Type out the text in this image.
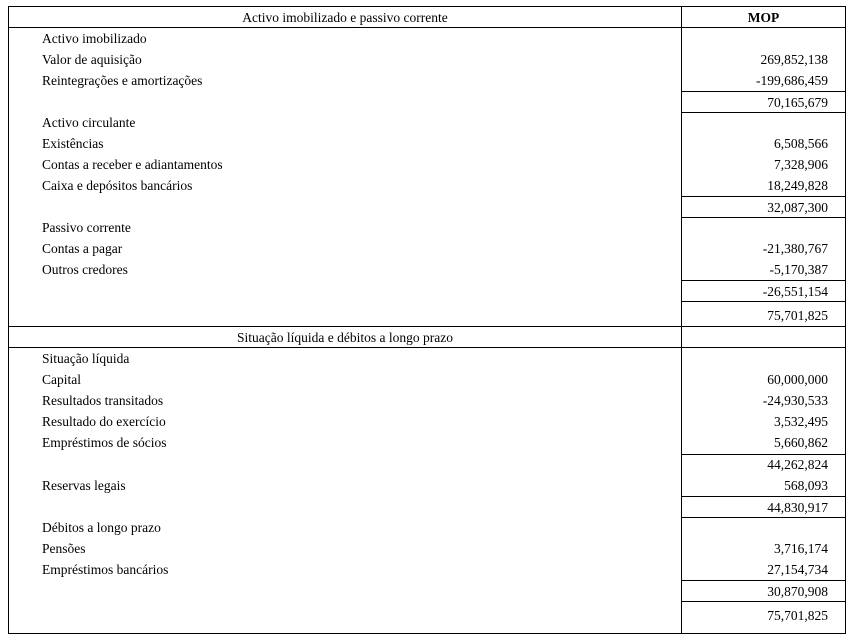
Activo imobilizado e passivo corrente	MOP
Activo imobilizado
Valor de aquisição	269,852,138
Reintegrações e amortizações	-199,686,459
70,165,679
Activo circulante
Existências	6,508,566
Contas a receber e adiantamentos	7,328,906
Caixa e depósitos bancários	18,249,828
32,087,300
Passivo corrente
Contas a pagar	-21,380,767
Outros credores	-5,170,387
-26,551,154
75,701,825
Situação líquida e débitos a longo prazo
Situação líquida
Capital	60,000,000
Resultados transitados	-24,930,533
Resultado do exercício	3,532,495
Empréstimos de sócios	5,660,862
44,262,824
Reservas legais	568,093
44,830,917
Débitos a longo prazo
Pensões	3,716,174
Empréstimos bancários	27,154,734
30,870,908
75,701,825
